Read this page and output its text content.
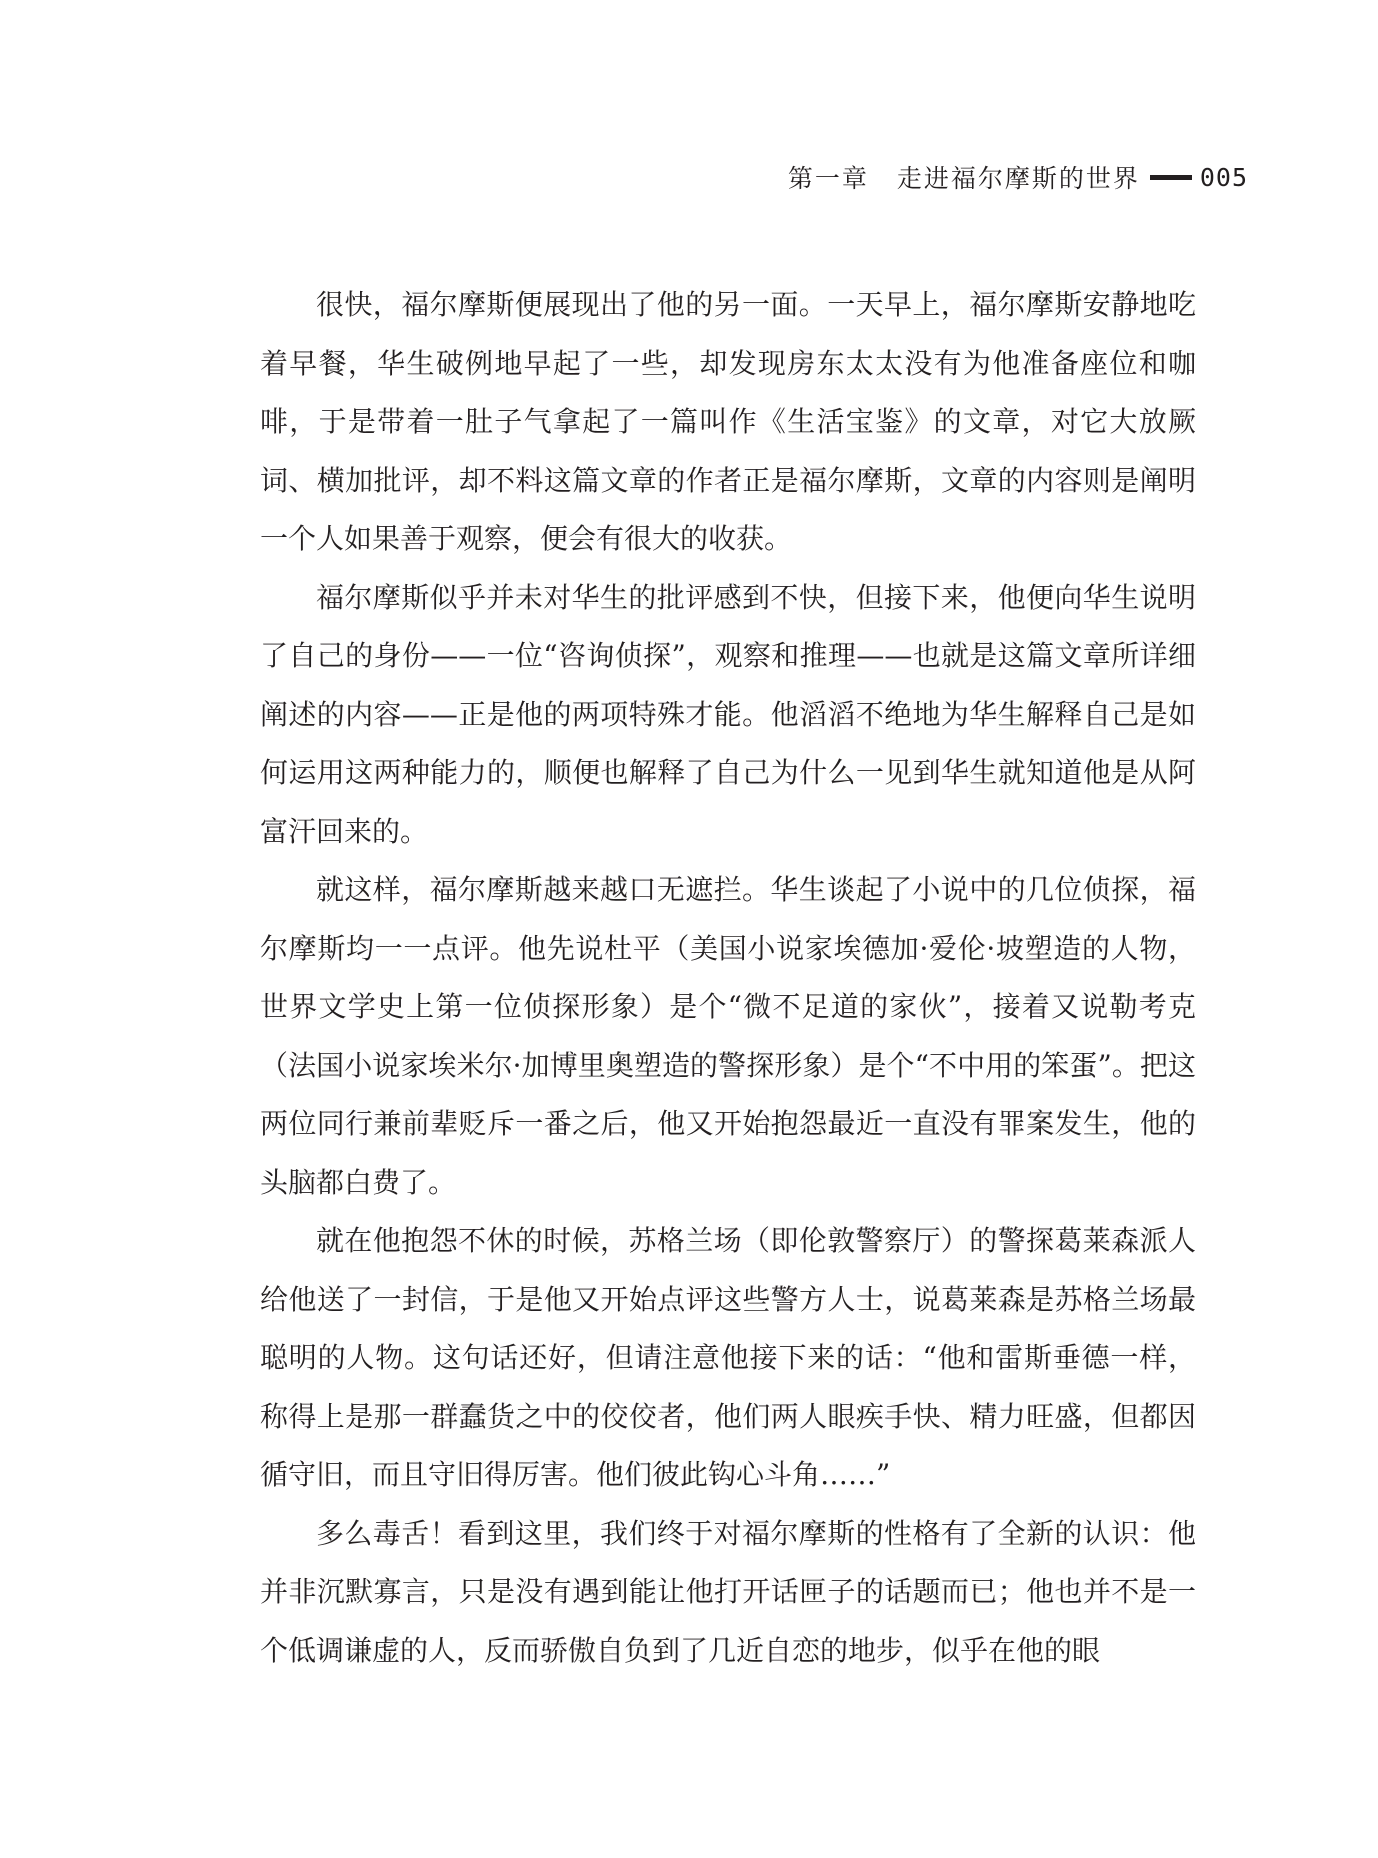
第一章 走进福尔摩斯的世界 005

很快，福尔摩斯便展现出了他的另一面。一天早上，福尔摩斯安静地吃着早餐，华生破例地早起了一些，却发现房东太太没有为他准备座位和咖啡，于是带着一肚子气拿起了一篇叫作《生活宝鉴》的文章，对它大放厥词、横加批评，却不料这篇文章的作者正是福尔摩斯，文章的内容则是阐明一个人如果善于观察，便会有很大的收获。

福尔摩斯似乎并未对华生的批评感到不快，但接下来，他便向华生说明了自己的身份——一位“咨询侦探”，观察和推理——也就是这篇文章所详细阐述的内容——正是他的两项特殊才能。他滔滔不绝地为华生解释自己是如何运用这两种能力的，顺便也解释了自己为什么一见到华生就知道他是从阿富汗回来的。

就这样，福尔摩斯越来越口无遮拦。华生谈起了小说中的几位侦探，福尔摩斯均一一点评。他先说杜平（美国小说家埃德加·爱伦·坡塑造的人物，世界文学史上第一位侦探形象）是个“微不足道的家伙”，接着又说勒考克（法国小说家埃米尔·加博里奥塑造的警探形象）是个“不中用的笨蛋”。把这两位同行兼前辈贬斥一番之后，他又开始抱怨最近一直没有罪案发生，他的头脑都白费了。

就在他抱怨不休的时候，苏格兰场（即伦敦警察厅）的警探葛莱森派人给他送了一封信，于是他又开始点评这些警方人士，说葛莱森是苏格兰场最聪明的人物。这句话还好，但请注意他接下来的话：“他和雷斯垂德一样，称得上是那一群蠢货之中的佼佼者，他们两人眼疾手快、精力旺盛，但都因循守旧，而且守旧得厉害。他们彼此钩心斗角……”

多么毒舌！看到这里，我们终于对福尔摩斯的性格有了全新的认识：他并非沉默寡言，只是没有遇到能让他打开话匣子的话题而已；他也并不是一个低调谦虚的人，反而骄傲自负到了几近自恋的地步，似乎在他的眼
